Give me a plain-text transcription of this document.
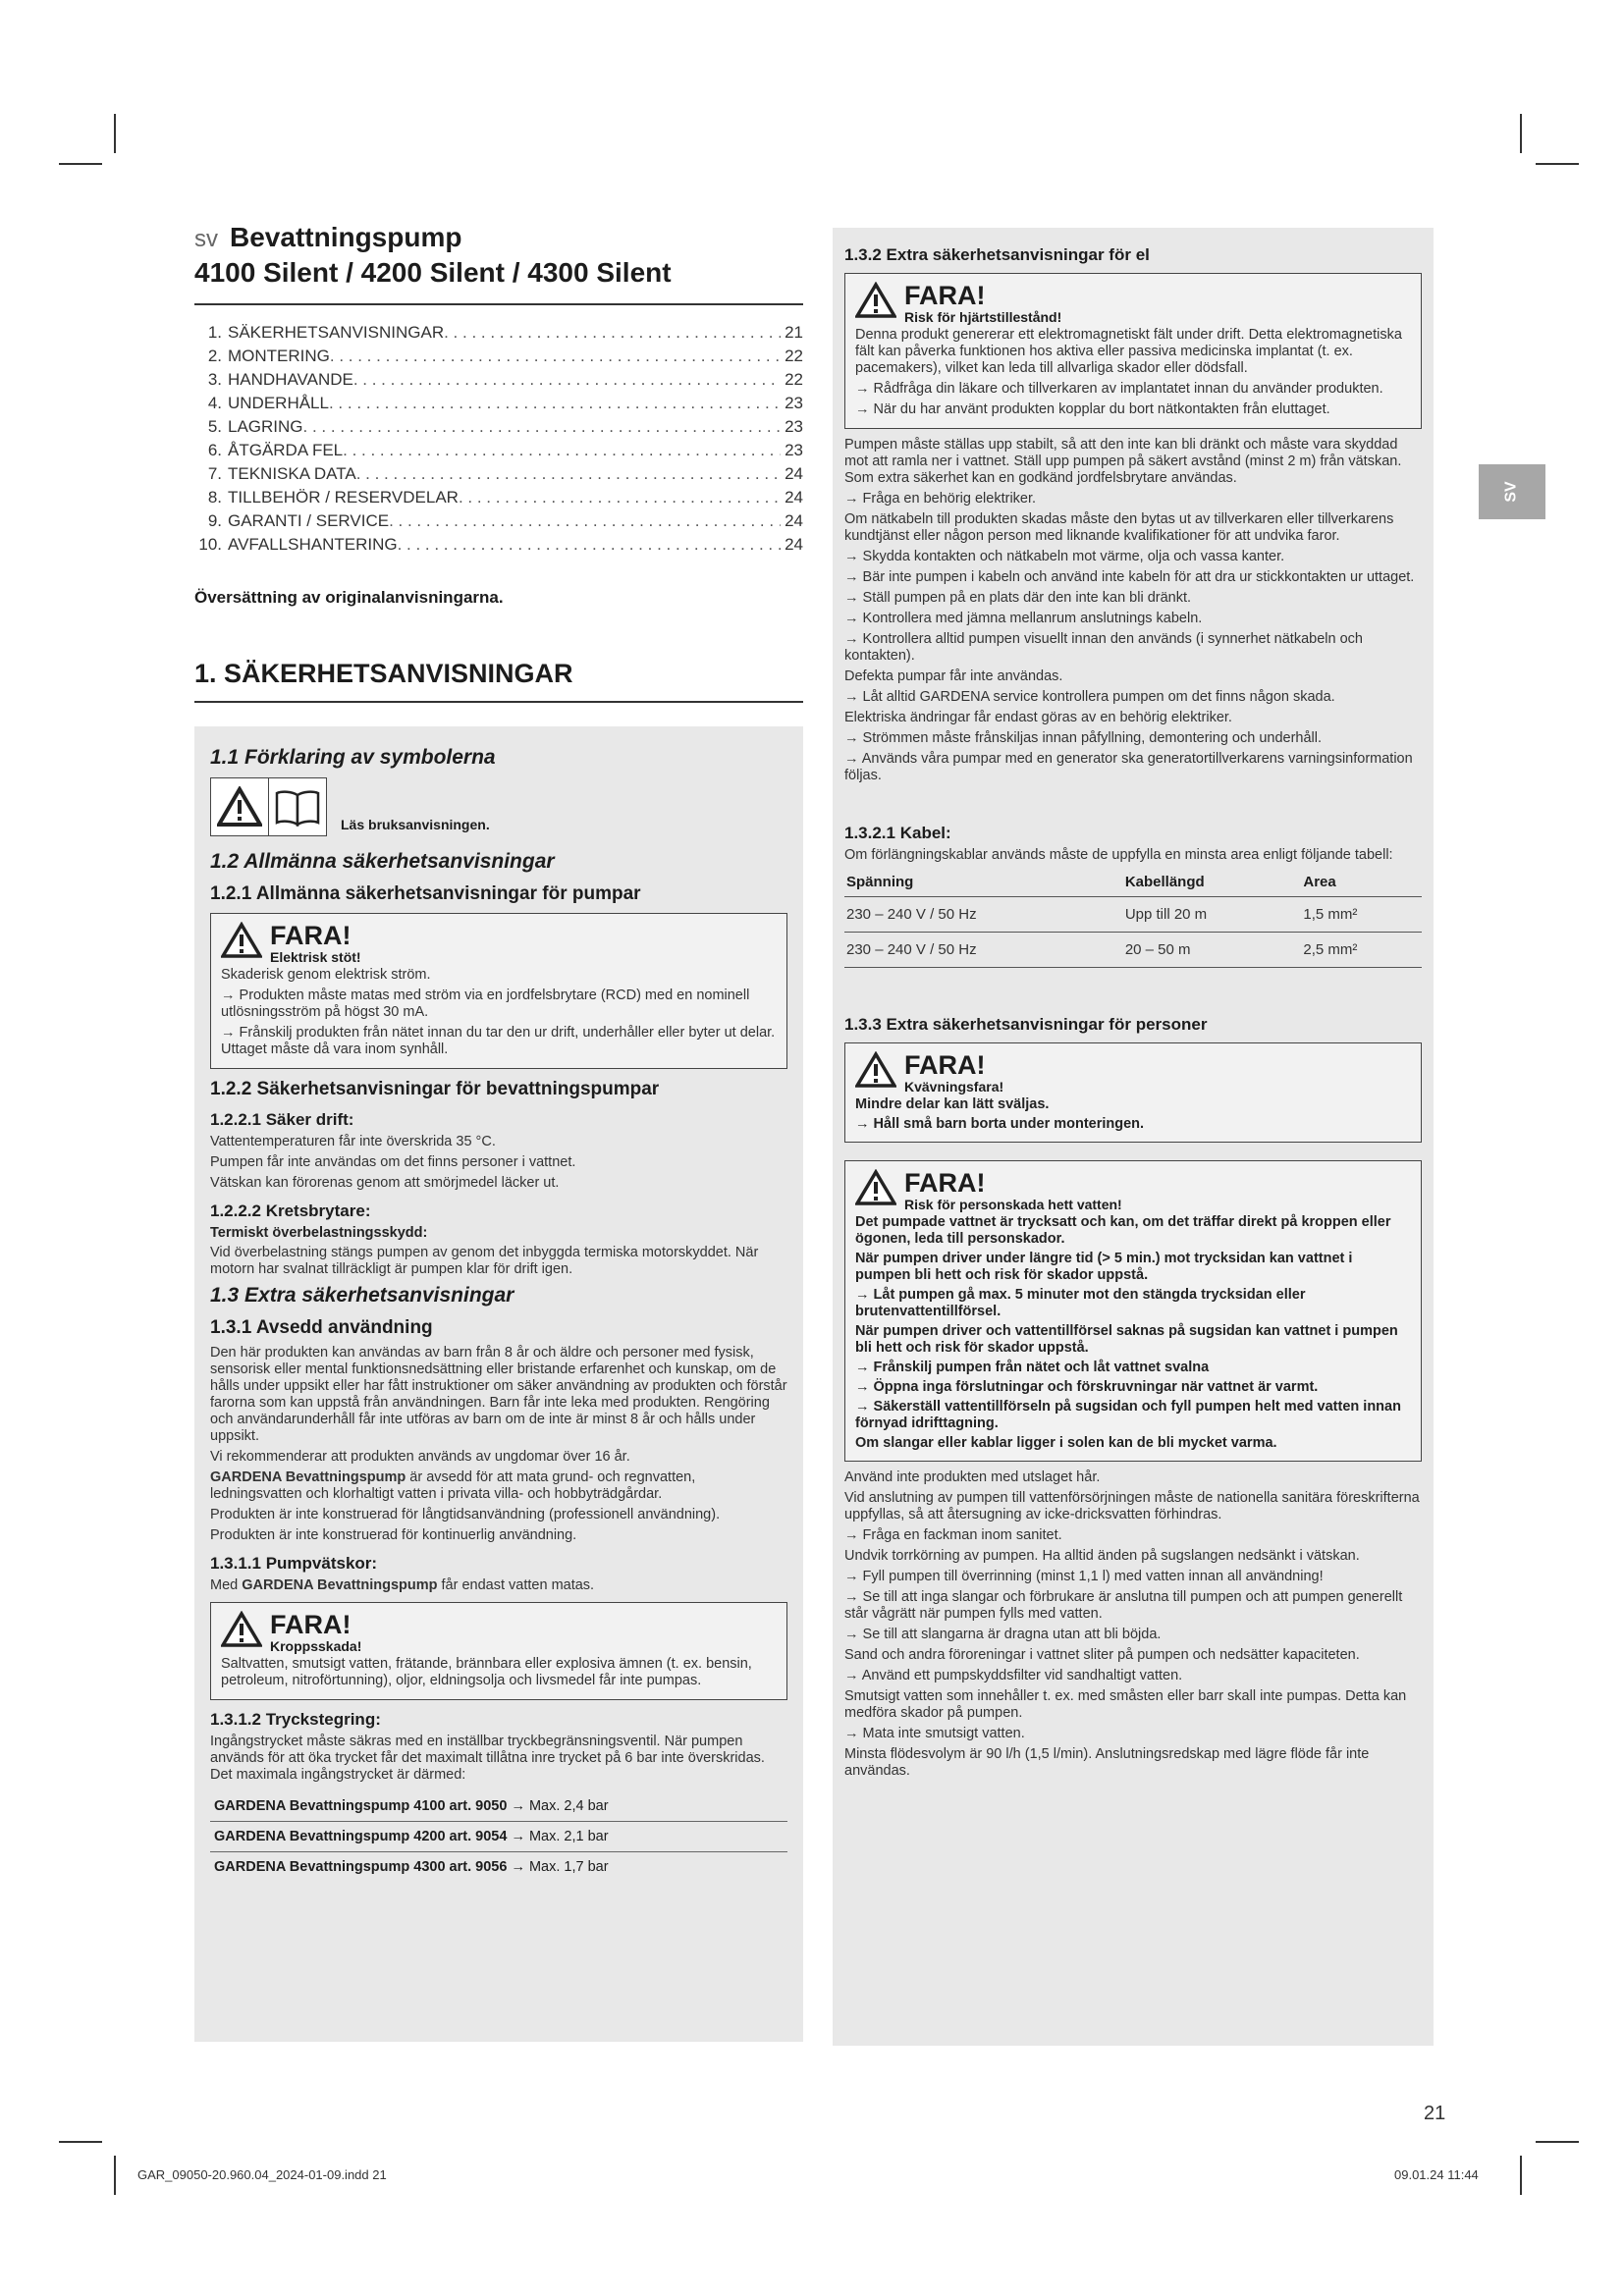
sv Bevattningspump
4100 Silent / 4200 Silent / 4300 Silent
1. SÄKERHETSANVISNINGAR . . .	21
2. MONTERING . . .	22
3. HANDHAVANDE . . .	22
4. UNDERHÅLL . . .	23
5. LAGRING . . .	23
6. ÅTGÄRDA FEL . . .	23
7. TEKNISKA DATA . . .	24
8. TILLBEHÖR / RESERVDELAR . . .	24
9. GARANTI / SERVICE . . .	24
10. AVFALLSHANTERING . . .	24
Översättning av originalanvisningarna.
1. SÄKERHETSANVISNINGAR
1.1 Förklaring av symbolerna
Läs bruksanvisningen.
1.2 Allmänna säkerhetsanvisningar
1.2.1 Allmänna säkerhetsanvisningar för pumpar
FARA!
Elektrisk stöt!
Skaderisk genom elektrisk ström.
→ Produkten måste matas med ström via en jordfelsbrytare (RCD) med en nominell utlösningsström på högst 30 mA.
→ Frånskilj produkten från nätet innan du tar den ur drift, underhåller eller byter ut delar. Uttaget måste då vara inom synhåll.
1.2.2 Säkerhetsanvisningar för bevattningspumpar
1.2.2.1 Säker drift:
Vattentemperaturen får inte överskrida 35 °C.
Pumpen får inte användas om det finns personer i vattnet.
Vätskan kan förorenas genom att smörjmedel läcker ut.
1.2.2.2 Kretsbrytare:
Termiskt överbelastningsskydd:
Vid överbelastning stängs pumpen av genom det inbyggda termiska motorskyddet. När motorn har svalnat tillräckligt är pumpen klar för drift igen.
1.3 Extra säkerhetsanvisningar
1.3.1 Avsedd användning
Den här produkten kan användas av barn från 8 år och äldre och personer med fysisk, sensorisk eller mental funktionsnedsättning eller bristande erfarenhet och kunskap, om de hålls under uppsikt eller har fått instruktioner om säker användning av produkten och förstår farorna som kan uppstå från användningen. Barn får inte leka med produkten. Rengöring och användarunderhåll får inte utföras av barn om de inte är minst 8 år och hålls under uppsikt.
Vi rekommenderar att produkten används av ungdomar över 16 år.
GARDENA Bevattningspump är avsedd för att mata grund- och regnvatten, ledningsvatten och klorhaltigt vatten i privata villa- och hobbyträdgårdar.
Produkten är inte konstruerad för långtidsanvändning (professionell användning).
Produkten är inte konstruerad för kontinuerlig användning.
1.3.1.1 Pumpvätskor:
Med GARDENA Bevattningspump får endast vatten matas.
FARA!
Kroppsskada!
Saltvatten, smutsigt vatten, frätande, brännbara eller explosiva ämnen (t. ex. bensin, petroleum, nitroförtunning), oljor, eldningsolja och livsmedel får inte pumpas.
1.3.1.2 Tryckstegring:
Ingångstrycket måste säkras med en inställbar tryckbegränsningsventil. När pumpen används för att öka trycket får det maximalt tillåtna inre trycket på 6 bar inte överskridas. Det maximala ingångstrycket är därmed:
GARDENA Bevattningspump 4100 art. 9050 → Max. 2,4 bar
GARDENA Bevattningspump 4200 art. 9054 → Max. 2,1 bar
GARDENA Bevattningspump 4300 art. 9056 → Max. 1,7 bar
1.3.2 Extra säkerhetsanvisningar för el
FARA!
Risk för hjärtstillestånd!
Denna produkt genererar ett elektromagnetiskt fält under drift. Detta elektromagnetiska fält kan påverka funktionen hos aktiva eller passiva medicinska implantat (t. ex. pacemakers), vilket kan leda till allvarliga skador eller dödsfall.
→ Rådfråga din läkare och tillverkaren av implantatet innan du använder produkten.
→ När du har använt produkten kopplar du bort nätkontakten från eluttaget.
Pumpen måste ställas upp stabilt, så att den inte kan bli dränkt och måste vara skyddad mot att ramla ner i vattnet. Ställ upp pumpen på säkert avstånd (minst 2 m) från vätskan. Som extra säkerhet kan en godkänd jordfelsbrytare användas.
→ Fråga en behörig elektriker.
Om nätkabeln till produkten skadas måste den bytas ut av tillverkaren eller tillverkarens kundtjänst eller någon person med liknande kvalifikationer för att undvika faror.
→ Skydda kontakten och nätkabeln mot värme, olja och vassa kanter.
→ Bär inte pumpen i kabeln och använd inte kabeln för att dra ur stickkontakten ur uttaget.
→ Ställ pumpen på en plats där den inte kan bli dränkt.
→ Kontrollera med jämna mellanrum anslutnings kabeln.
→ Kontrollera alltid pumpen visuellt innan den används (i synnerhet nätkabeln och kontakten).
Defekta pumpar får inte användas.
→ Låt alltid GARDENA service kontrollera pumpen om det finns någon skada.
Elektriska ändringar får endast göras av en behörig elektriker.
→ Strömmen måste frånskiljas innan påfyllning, demontering och underhåll.
→ Används våra pumpar med en generator ska generatortillverkarens varningsinformation följas.
1.3.2.1 Kabel:
Om förlängningskablar används måste de uppfylla en minsta area enligt följande tabell:
Spänning	Kabellängd	Area
230 – 240 V / 50 Hz	Upp till 20 m	1,5 mm²
230 – 240 V / 50 Hz	20 – 50 m	2,5 mm²
1.3.3 Extra säkerhetsanvisningar för personer
FARA!
Kvävningsfara!
Mindre delar kan lätt sväljas.
→ Håll små barn borta under monteringen.
FARA!
Risk för personskada hett vatten!
Det pumpade vattnet är trycksatt och kan, om det träffar direkt på kroppen eller ögonen, leda till personskador.
När pumpen driver under längre tid (> 5 min.) mot trycksidan kan vattnet i pumpen bli hett och risk för skador uppstå.
→ Låt pumpen gå max. 5 minuter mot den stängda trycksidan eller brutenvattentillförsel.
När pumpen driver och vattentillförsel saknas på sugsidan kan vattnet i pumpen bli hett och risk för skador uppstå.
→ Frånskilj pumpen från nätet och låt vattnet svalna
→ Öppna inga förslutningar och förskruvningar när vattnet är varmt.
→ Säkerställ vattentillförseln på sugsidan och fyll pumpen helt med vatten innan förnyad idrifttagning.
Om slangar eller kablar ligger i solen kan de bli mycket varma.
Använd inte produkten med utslaget hår.
Vid anslutning av pumpen till vattenförsörjningen måste de nationella sanitära föreskrifterna uppfyllas, så att återsugning av icke-dricksvatten förhindras.
→ Fråga en fackman inom sanitet.
Undvik torrkörning av pumpen. Ha alltid änden på sugslangen nedsänkt i vätskan.
→ Fyll pumpen till överrinning (minst 1,1 l) med vatten innan all användning!
→ Se till att inga slangar och förbrukare är anslutna till pumpen och att pumpen generellt står vågrätt när pumpen fylls med vatten.
→ Se till att slangarna är dragna utan att bli böjda.
Sand och andra föroreningar i vattnet sliter på pumpen och nedsätter kapaciteten.
→ Använd ett pumpskyddsfilter vid sandhaltigt vatten.
Smutsigt vatten som innehåller t. ex. med småsten eller barr skall inte pumpas. Detta kan medföra skador på pumpen.
→ Mata inte smutsigt vatten.
Minsta flödesvolym är 90 l/h (1,5 l/min). Anslutningsredskap med lägre flöde får inte användas.
SV
21
GAR_09050-20.960.04_2024-01-09.indd 21	09.01.24 11:44
